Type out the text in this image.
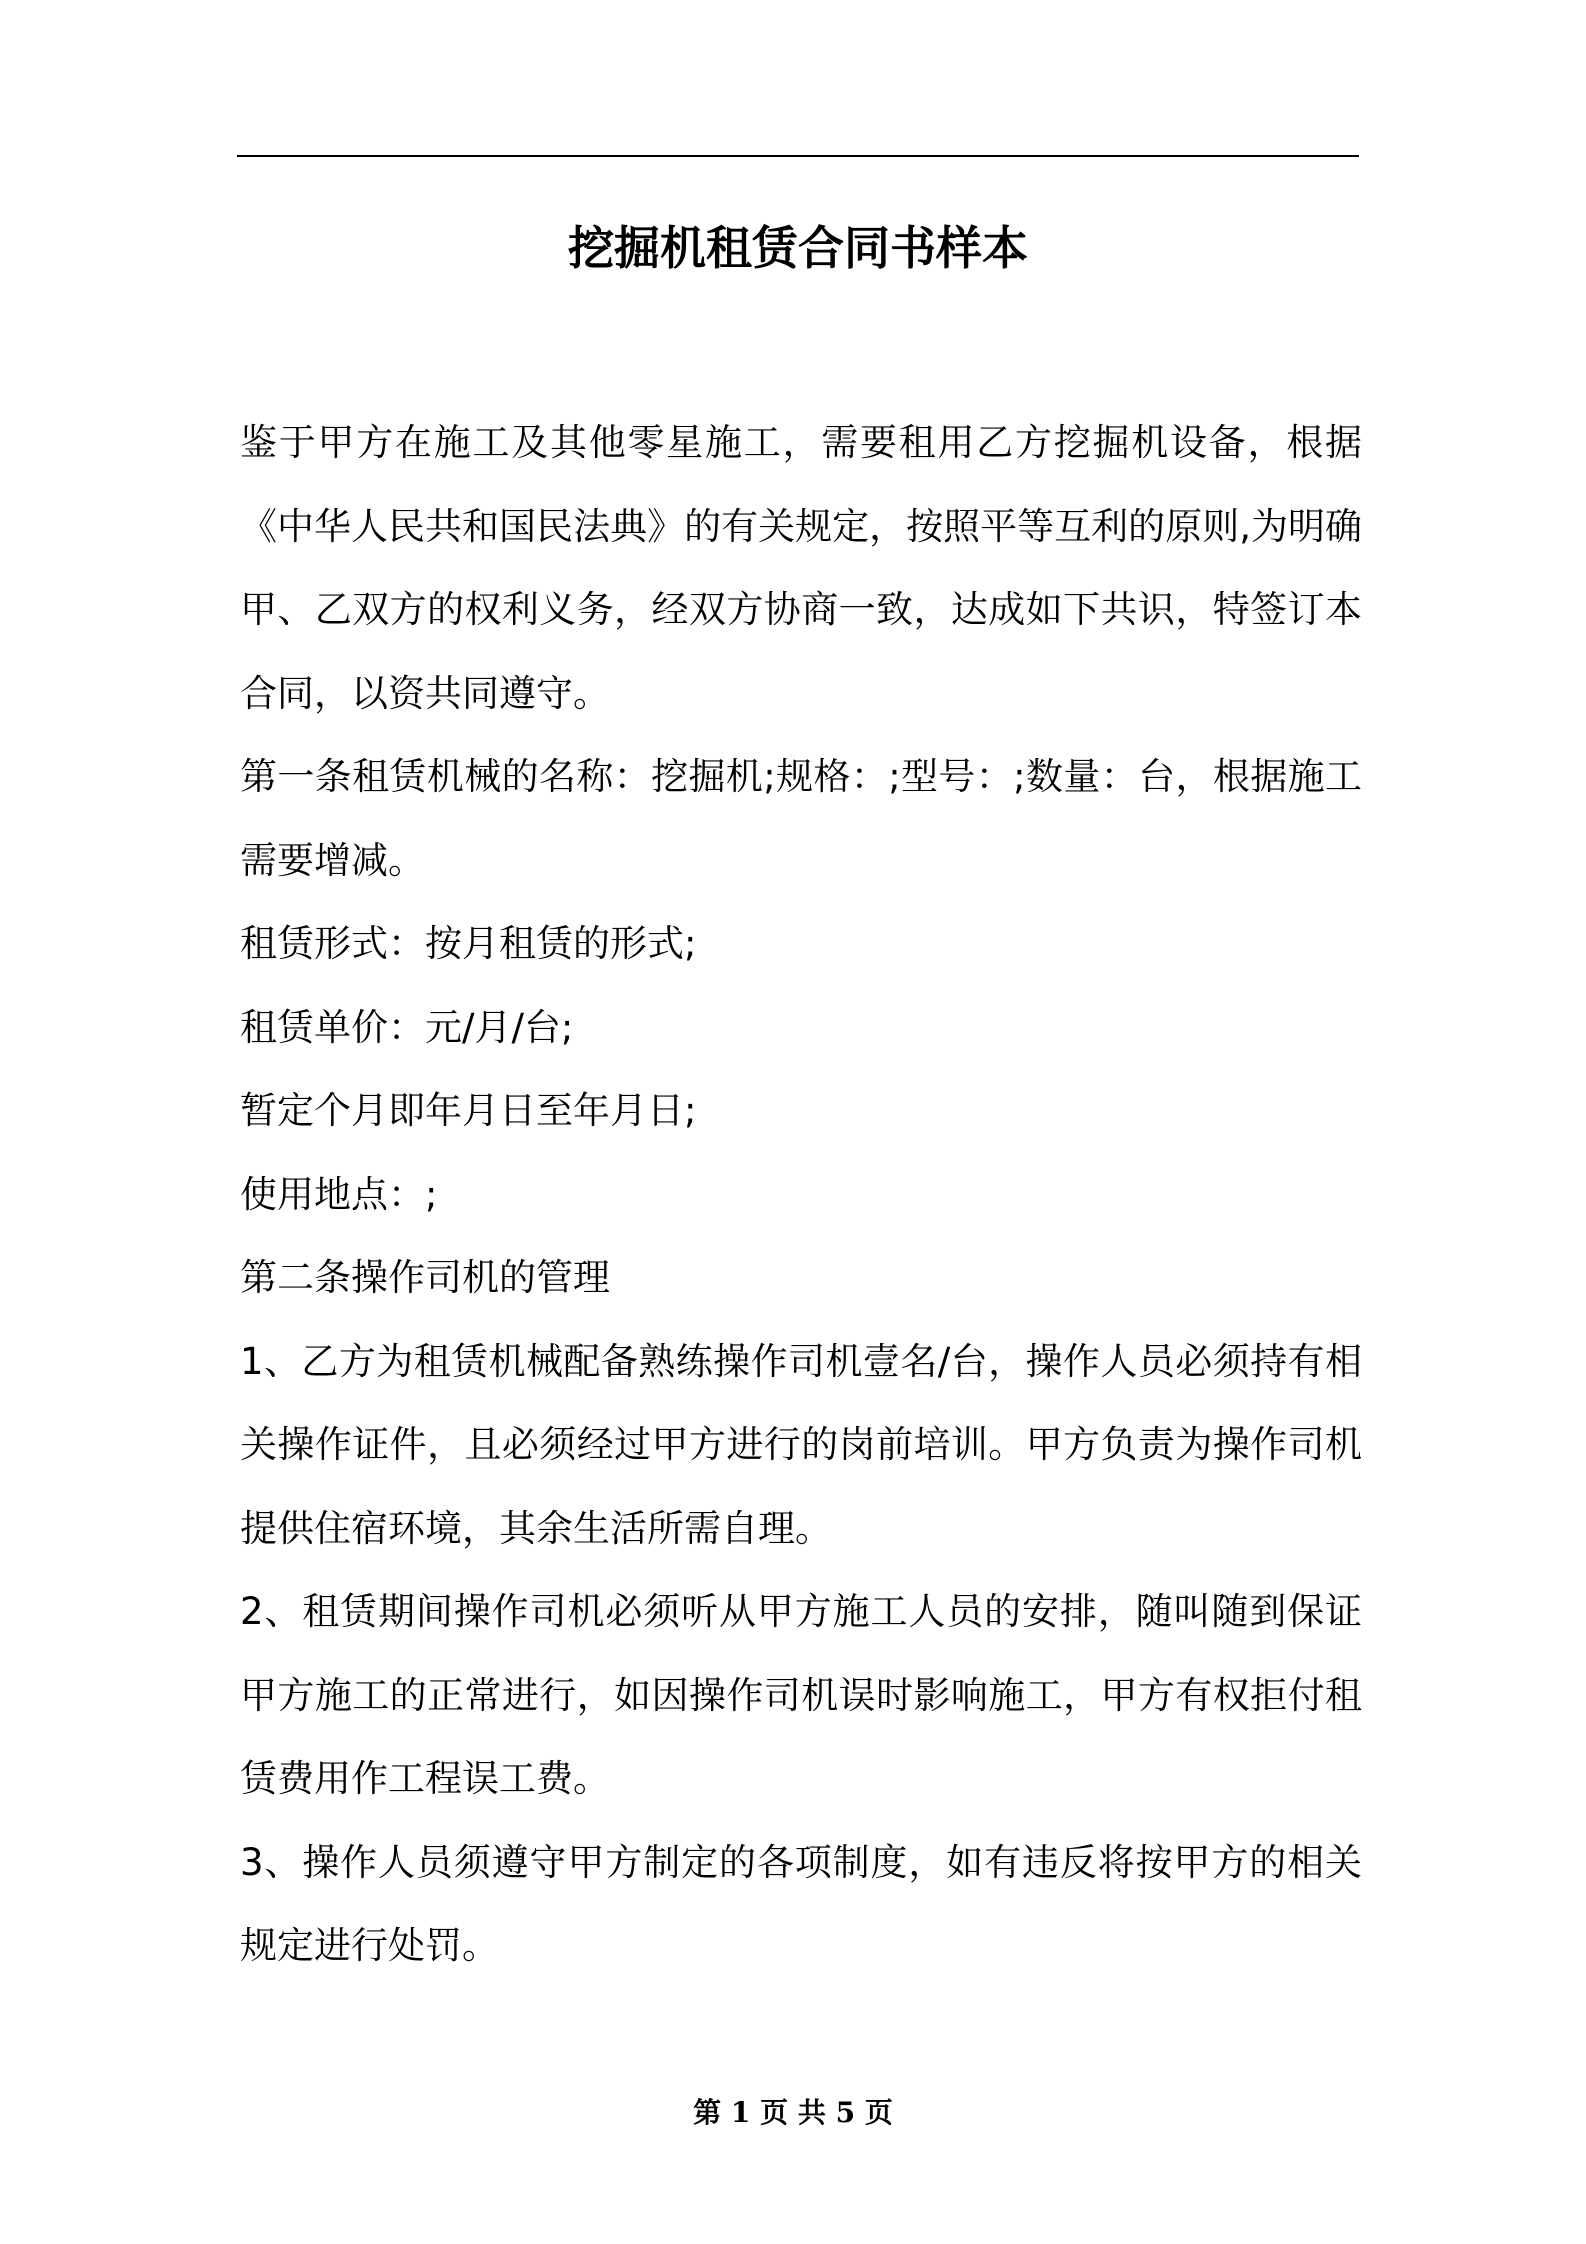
挖掘机租赁合同书样本

鉴于甲方在施工及其他零星施工，需要租用乙方挖掘机设备，根据《中华人民共和国民法典》的有关规定，按照平等互利的原则,为明确甲、乙双方的权利义务，经双方协商一致，达成如下共识，特签订本合同，以资共同遵守。

第一条租赁机械的名称：挖掘机;规格：;型号：;数量：台，根据施工需要增减。

租赁形式：按月租赁的形式;

租赁单价：元/月/台;

暂定个月即年月日至年月日;

使用地点：;

第二条操作司机的管理

1、乙方为租赁机械配备熟练操作司机壹名/台，操作人员必须持有相关操作证件，且必须经过甲方进行的岗前培训。甲方负责为操作司机提供住宿环境，其余生活所需自理。

2、租赁期间操作司机必须听从甲方施工人员的安排，随叫随到保证甲方施工的正常进行，如因操作司机误时影响施工，甲方有权拒付租赁费用作工程误工费。

3、操作人员须遵守甲方制定的各项制度，如有违反将按甲方的相关规定进行处罚。

第 1 页 共 5 页
